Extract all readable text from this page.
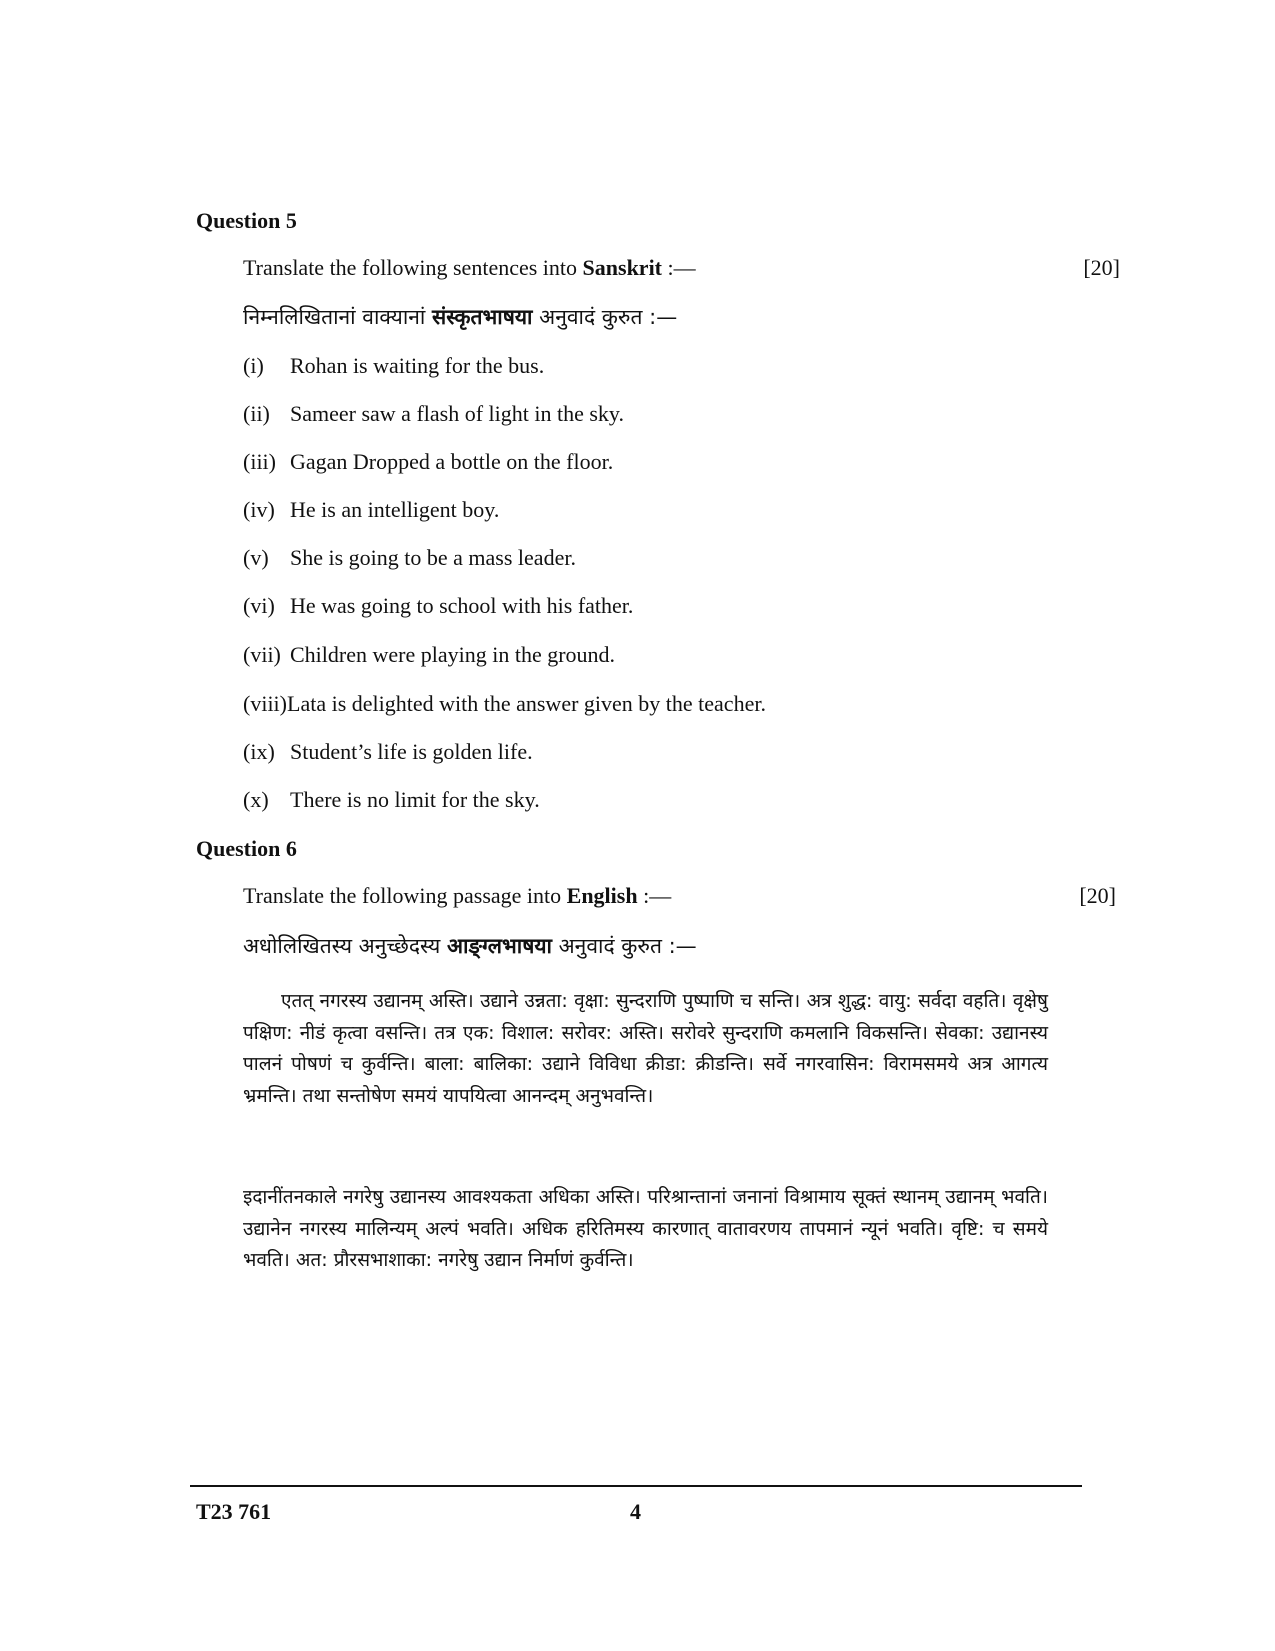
Question 5
Translate the following sentences into Sanskrit :—	[20]
निम्नलिखितानां वाक्यानां संस्कृतभाषया अनुवादं कुरुत :—
(i) Rohan is waiting for the bus.
(ii) Sameer saw a flash of light in the sky.
(iii) Gagan Dropped a bottle on the floor.
(iv) He is an intelligent boy.
(v) She is going to be a mass leader.
(vi) He was going to school with his father.
(vii) Children were playing in the ground.
(viii)Lata is delighted with the answer given by the teacher.
(ix) Student’s life is golden life.
(x) There is no limit for the sky.
Question 6
Translate the following passage into English :—	[20]
अधोलिखितस्य अनुच्छेदस्य आङ्ग्लभाषया अनुवादं कुरुत :—

एतत् नगरस्य उद्यानम् अस्ति। उद्याने उन्नता: वृक्षा: सुन्दराणि पुष्पाणि च सन्ति। अत्र शुद्ध: वायु: सर्वदा वहति। वृक्षेषु पक्षिण: नीडं कृत्वा वसन्ति। तत्र एक: विशाल: सरोवर: अस्ति। सरोवरे सुन्दराणि कमलानि विकसन्ति। सेवका: उद्यानस्य पालनं पोषणं च कुर्वन्ति। बाला: बालिका: उद्याने विविधा क्रीडा: क्रीडन्ति। सर्वे नगरवासिन: विरामसमये अत्र आगत्य भ्रमन्ति। तथा सन्तोषेण समयं यापयित्वा आनन्दम् अनुभवन्ति।

इदानींतनकाले नगरेषु उद्यानस्य आवश्यकता अधिका अस्ति। परिश्रान्तानां जनानां विश्रामाय सूक्तं स्थानम् उद्यानम् भवति। उद्यानेन नगरस्य मालिन्यम् अल्पं भवति। अधिक हरितिमस्य कारणात् वातावरणय तापमानं न्यूनं भवति। वृष्टि: च समये भवति। अत: प्रौरसभाशाका: नगरेषु उद्यान निर्माणं कुर्वन्ति।

T23 761	4
